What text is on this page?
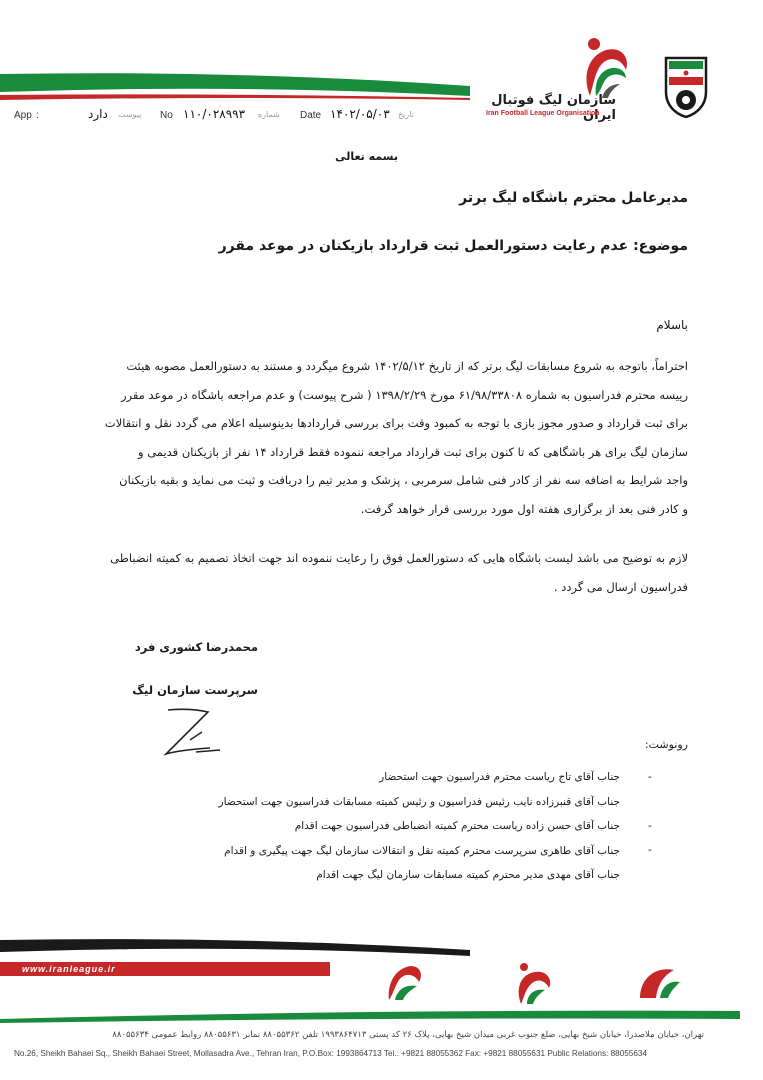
سازمان لیگ فوتبال ایران
Iran Football League Organisation
App :	دارد پیوست No ۱۱۰/۰۲۸۹۹۳ شماره Date ۱۴۰۲/۰۵/۰۳ تاریخ
بسمه تعالی
مدیرعامل محترم باشگاه لیگ برتر
موضوع: عدم رعایت دستورالعمل ثبت قرارداد بازیکنان در موعد مقرر
باسلام
احتراماً، باتوجه به شروع مسابقات لیگ برتر که از تاریخ ۱۴۰۲/۵/۱۲ شروع میگردد و مستند به دستورالعمل مصوبه هیئت
ریيسه محترم فدراسیون به شماره ۶۱/۹۸/۳۳۸۰۸ مورخ ۱۳۹۸/۲/۲۹ ( شرح پیوست) و عدم مراجعه باشگاه در موعد مقرر
برای ثبت قرارداد و صدور مجوز بازی با توجه به کمبود وقت برای بررسی قراردادها بدینوسیله اعلام می گردد نقل و انتقالات
سازمان لیگ برای هر باشگاهی که تا کنون برای ثبت قرارداد مراجعه ننموده فقط قرارداد ۱۴ نفر از بازیکنان قدیمی و
واجد شرایط به اضافه سه نفر از کادر فنی شامل سرمربی ، پزشک و مدیر تیم را دریافت و ثبت می نماید و بقیه بازیکنان
و کادر فنی بعد از برگزاری هفته اول مورد بررسی قرار خواهد گرفت.
لازم به توضیح می باشد لیست باشگاه هایی که دستورالعمل فوق را رعایت ننموده اند جهت اتخاذ تصمیم به کمیته انضباطی
فدراسیون ارسال می گردد .
محمدرضا کشوری فرد
سرپرست سازمان لیگ
رونوشت:
جناب آقای تاج ریاست محترم فدراسیون جهت استحضار
جناب آقای قنبرزاده نایب رئیس فدراسیون و رئیس کمیته مسابقات فدراسیون جهت استحضار
جناب آقای حسن زاده ریاست محترم کمیته انضباطی فدراسیون جهت اقدام
جناب آقای طاهری سرپرست محترم کمیته نقل و انتقالات سازمان لیگ جهت پیگیری و اقدام
جناب آقای مهدی مدیر محترم کمیته مسابقات سازمان لیگ جهت اقدام
-
-
-
www.iranleague.ir
تهران، خیابان ملاصدرا، خیابان شیخ بهایی، ضلع جنوب غربی میدان شیخ بهایی، پلاک ۲۶ کد پستی ۱۹۹۳۸۶۴۷۱۳ تلفن ۸۸۰۵۵۳۶۲ نمابر ۸۸۰۵۵۶۳۱ روابط عمومی ۸۸۰۵۵۶۳۴
No.26, Sheikh Bahaei Sq., Sheikh Bahaei Street, Mollasadra Ave., Tehran Iran, P.O.Box: 1993864713 Tel.: +9821 88055362 Fax: +9821 88055631 Public Relations: 88055634
